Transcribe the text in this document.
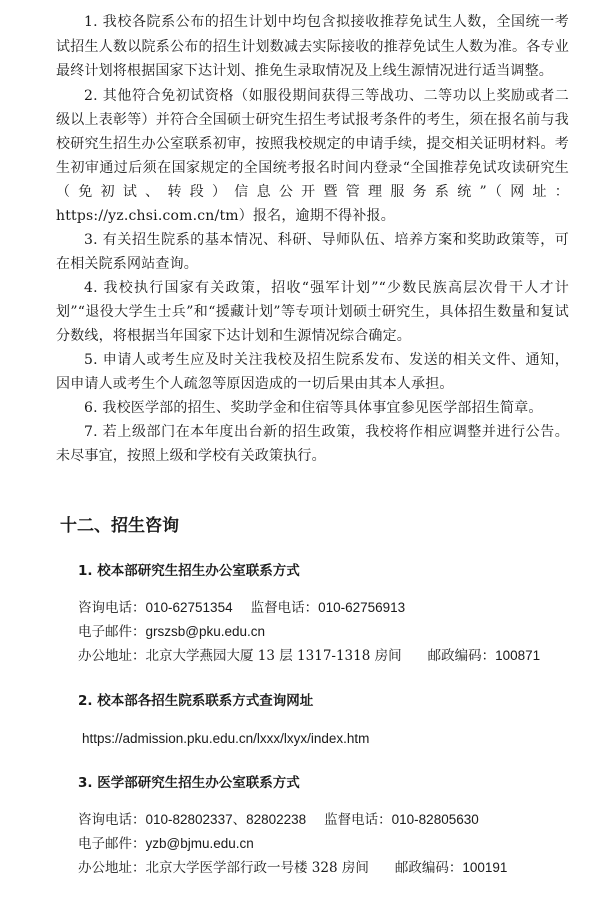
1. 我校各院系公布的招生计划中均包含拟接收推荐免试生人数，全国统一考试招生人数以院系公布的招生计划数减去实际接收的推荐免试生人数为准。各专业最终计划将根据国家下达计划、推免生录取情况及上线生源情况进行适当调整。

2. 其他符合免初试资格（如服役期间获得三等战功、二等功以上奖励或者二级以上表彰等）并符合全国硕士研究生招生考试报考条件的考生，须在报名前与我校研究生招生办公室联系初审，按照我校规定的申请手续，提交相关证明材料。考生初审通过后须在国家规定的全国统考报名时间内登录“全国推荐免试攻读研究生（免初试、转段）信息公开暨管理服务系统”（网址：https://yz.chsi.com.cn/tm）报名，逾期不得补报。

3. 有关招生院系的基本情况、科研、导师队伍、培养方案和奖助政策等，可在相关院系网站查询。

4. 我校执行国家有关政策，招收“强军计划”“少数民族高层次骨干人才计划”“退役大学生士兵”和“援藏计划”等专项计划硕士研究生，具体招生数量和复试分数线，将根据当年国家下达计划和生源情况综合确定。

5. 申请人或考生应及时关注我校及招生院系发布、发送的相关文件、通知，因申请人或考生个人疏忽等原因造成的一切后果由其本人承担。

6. 我校医学部的招生、奖助学金和住宿等具体事宜参见医学部招生简章。

7. 若上级部门在本年度出台新的招生政策，我校将作相应调整并进行公告。未尽事宜，按照上级和学校有关政策执行。

十二、招生咨询
1. 校本部研究生招生办公室联系方式
咨询电话：010-62751354 监督电话：010-62756913
电子邮件：grszsb@pku.edu.cn
办公地址：北京大学燕园大厦 13 层 1317-1318 房间 邮政编码：100871
2. 校本部各招生院系联系方式查询网址
https://admission.pku.edu.cn/lxxx/lxyx/index.htm
3. 医学部研究生招生办公室联系方式
咨询电话：010-82802337、82802238 监督电话：010-82805630
电子邮件：yzb@bjmu.edu.cn
办公地址：北京大学医学部行政一号楼 328 房间 邮政编码：100191
